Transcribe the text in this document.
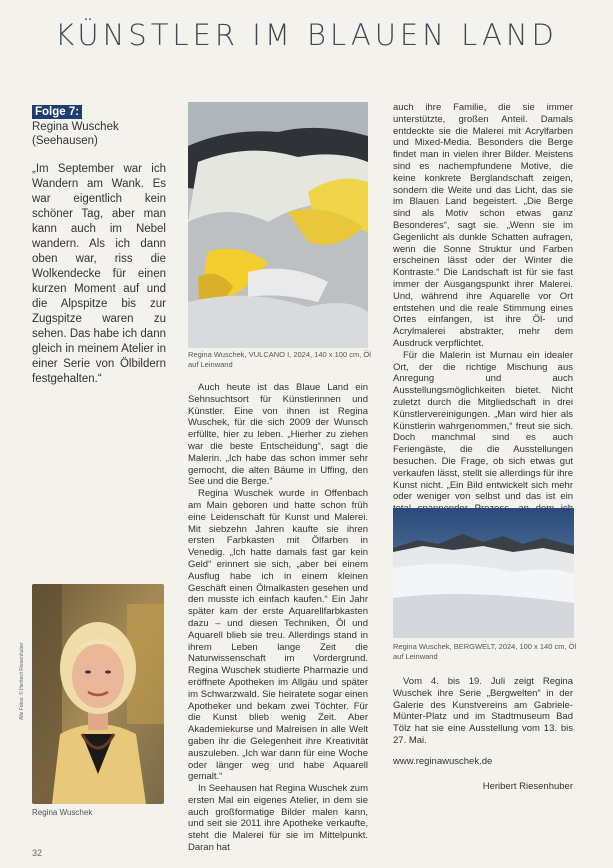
KÜNSTLER IM BLAUEN LAND
Folge 7:
Regina Wuschek
(Seehausen)
„Im September war ich Wandern am Wank. Es war eigentlich kein schöner Tag, aber man kann auch im Nebel wandern. Als ich dann oben war, riss die Wolkendecke für einen kurzen Moment auf und die Alpspitze bis zur Zugspitze waren zu sehen. Das habe ich dann gleich in meinem Atelier in einer Serie von Ölbildern festgehalten.“
Alle Fotos: © Heribert Riesenhuber
Regina Wuschek
Regina Wuschek, VULCANO I, 2024, 140 x 100 cm, Öl auf Leinwand

Auch heute ist das Blaue Land ein Sehnsuchtsort für Künstlerinnen und Künstler. Eine von ihnen ist Regina Wuschek, für die sich 2009 der Wunsch erfüllte, hier zu leben. „Hierher zu ziehen war die beste Entscheidung“, sagt die Malerin. „Ich habe das schon immer sehr gemocht, die alten Bäume in Uffing, den See und die Berge.“

Regina Wuschek wurde in Offenbach am Main geboren und hatte schon früh eine Leidenschaft für Kunst und Malerei. Mit siebzehn Jahren kaufte sie ihren ersten Farbkasten mit Ölfarben in Venedig. „Ich hatte damals fast gar kein Geld“ erinnert sie sich, „aber bei einem Ausflug habe ich in einem kleinen Geschäft einen Ölmalkasten gesehen und den musste ich einfach kaufen.“ Ein Jahr später kam der erste Aquarellfarbkasten dazu – und diesen Techniken, Öl und Aquarell blieb sie treu. Allerdings stand in ihrem Leben lange Zeit die Naturwissenschaft im Vordergrund. Regina Wuschek studierte Pharmazie und eröffnete Apotheken im Allgäu und später im Schwarzwald. Sie heiratete sogar einen Apotheker und bekam zwei Töchter. Für die Kunst blieb wenig Zeit. Aber Akademiekurse und Malreisen in alle Welt gaben ihr die Gelegenheit ihre Kreativität auszuleben. „Ich war dann für eine Woche oder länger weg und habe Aquarell gemalt.“

In Seehausen hat Regina Wuschek zum ersten Mal ein eigenes Atelier, in dem sie auch großformatige Bilder malen kann, und seit sie 2011 ihre Apotheke verkaufte, steht die Malerei für sie im Mittelpunkt. Daran hat

auch ihre Familie, die sie immer unterstützte, großen Anteil. Damals entdeckte sie die Malerei mit Acrylfarben und Mixed-Media. Besonders die Berge findet man in vielen ihrer Bilder. Meistens sind es nachempfundene Motive, die keine konkrete Berglandschaft zeigen, sondern die Weite und das Licht, das sie im Blauen Land begeistert. „Die Berge sind als Motiv schon etwas ganz Besonderes“, sagt sie. „Wenn sie im Gegenlicht als dunkle Schatten aufragen, wenn die Sonne Struktur und Farben erscheinen lässt oder der Winter die Kontraste.“ Die Landschaft ist für sie fast immer der Ausgangspunkt ihrer Malerei. Und, während ihre Aquarelle vor Ort entstehen und die reale Stimmung eines Ortes einfangen, ist ihre Öl- und Acrylmalerei abstrakter, mehr dem Ausdruck verpflichtet.

Für die Malerin ist Murnau ein idealer Ort, der die richtige Mischung aus Anregung und auch Ausstellungsmöglichkeiten bietet. Nicht zuletzt durch die Mitgliedschaft in drei Künstlervereinigungen. „Man wird hier als Künstlerin wahrgenommen,“ freut sie sich. Doch manchmal sind es auch Feriengäste, die die Ausstellungen besuchen. Die Frage, ob sich etwas gut verkaufen lässt, stellt sie allerdings für ihre Kunst nicht. „Ein Bild entwickelt sich mehr oder weniger von selbst und das ist ein

Regina Wuschek, BERGWELT, 2024, 100 x 140 cm, Öl auf Leinwand

Vom 4. bis 19. Juli zeigt Regina Wuschek ihre Serie „Bergwelten“ in der Galerie des Kunstvereins am Gabriele-Münter-Platz und im Stadtmuseum Bad Tölz hat sie eine Ausstellung vom 13. bis 27. Mai.

www.reginawuschek.de
Heribert Riesenhuber
32
